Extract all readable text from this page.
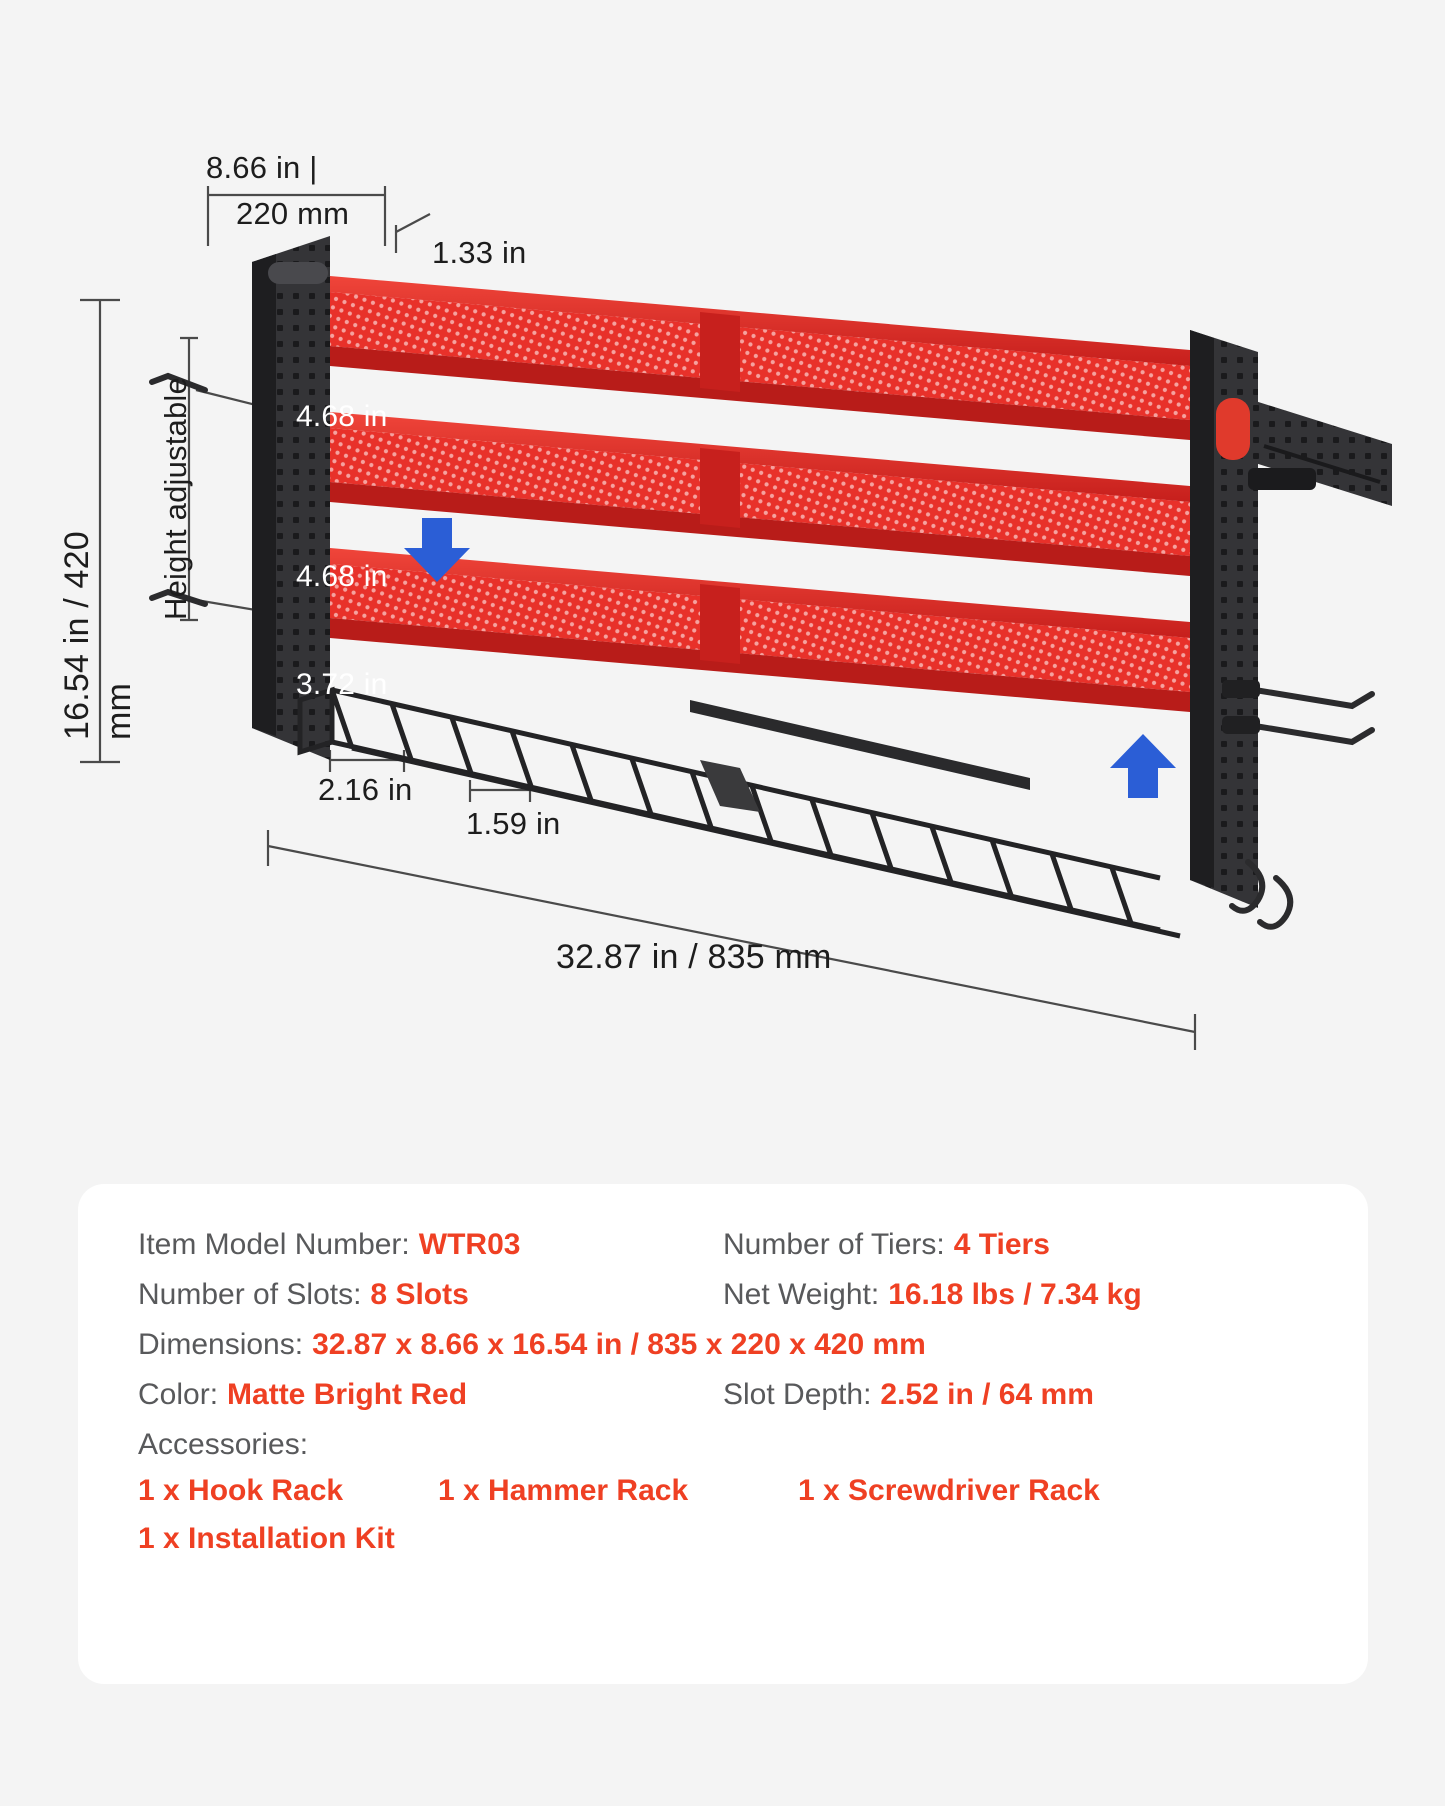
8.66 in |
220 mm
1.33 in
Height adjustable
16.54 in / 420 mm
4.68 in
4.68 in
3.72 in
2.16 in
1.59 in
32.87 in / 835 mm
Item Model Number: WTR03	Number of Tiers: 4 Tiers
Number of Slots: 8 Slots	Net Weight: 16.18 lbs / 7.34 kg
Dimensions: 32.87 x 8.66 x 16.54 in / 835 x 220 x 420 mm
Color: Matte Bright Red	Slot Depth: 2.52 in / 64 mm
Accessories:
1 x Hook Rack	1 x Hammer Rack	1 x Screwdriver Rack
1 x Installation Kit
